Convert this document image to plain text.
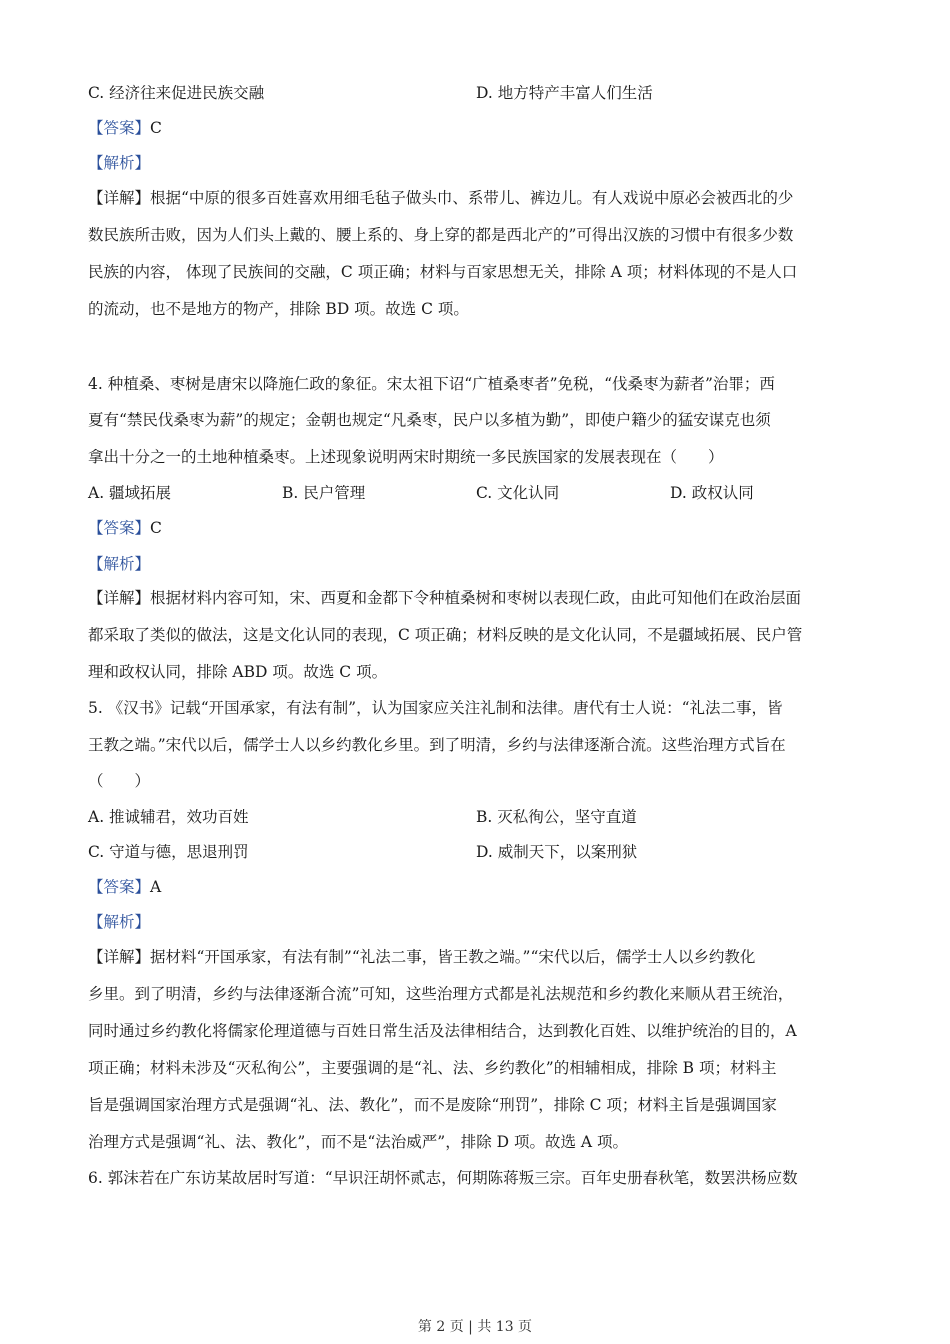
C. 经济往来促进民族交融	D. 地方特产丰富人们生活
【答案】C
【解析】
【详解】根据“中原的很多百姓喜欢用细毛毡子做头巾、系带儿、裤边儿。有人戏说中原必会被西北的少
数民族所击败，因为人们头上戴的、腰上系的、身上穿的都是西北产的”可得出汉族的习惯中有很多少数
民族的内容， 体现了民族间的交融，C 项正确；材料与百家思想无关，排除 A 项；材料体现的不是人口
的流动，也不是地方的物产，排除 BD 项。故选 C 项。
4. 种植桑、枣树是唐宋以降施仁政的象征。宋太祖下诏“广植桑枣者”免税，“伐桑枣为薪者”治罪；西
夏有“禁民伐桑枣为薪”的规定；金朝也规定“凡桑枣，民户以多植为勤”，即使户籍少的猛安谋克也须
拿出十分之一的土地种植桑枣。上述现象说明两宋时期统一多民族国家的发展表现在（　　）
A. 疆域拓展	B. 民户管理	C. 文化认同	D. 政权认同
【答案】C
【解析】
【详解】根据材料内容可知，宋、西夏和金都下令种植桑树和枣树以表现仁政，由此可知他们在政治层面
都采取了类似的做法，这是文化认同的表现，C 项正确；材料反映的是文化认同，不是疆域拓展、民户管
理和政权认同，排除 ABD 项。故选 C 项。
5. 《汉书》记载“开国承家，有法有制”，认为国家应关注礼制和法律。唐代有士人说：“礼法二事，皆
王教之端。”宋代以后，儒学士人以乡约教化乡里。到了明清，乡约与法律逐渐合流。这些治理方式旨在
（　　）
A. 推诚辅君，效功百姓	B. 灭私徇公，坚守直道
C. 守道与德，思退刑罚	D. 威制天下，以案刑狱
【答案】A
【解析】
【详解】据材料“开国承家，有法有制”“礼法二事，皆王教之端。”“宋代以后，儒学士人以乡约教化
乡里。到了明清，乡约与法律逐渐合流”可知，这些治理方式都是礼法规范和乡约教化来顺从君王统治，
同时通过乡约教化将儒家伦理道德与百姓日常生活及法律相结合，达到教化百姓、以维护统治的目的，A
项正确；材料未涉及“灭私徇公”，主要强调的是“礼、法、乡约教化”的相辅相成，排除 B 项；材料主
旨是强调国家治理方式是强调“礼、法、教化”，而不是废除“刑罚”，排除 C 项；材料主旨是强调国家
治理方式是强调“礼、法、教化”，而不是“法治威严”，排除 D 项。故选 A 项。
6. 郭沫若在广东访某故居时写道：“早识汪胡怀贰志，何期陈蒋叛三宗。百年史册春秋笔，数罢洪杨应数
第 2 页 | 共 13 页
